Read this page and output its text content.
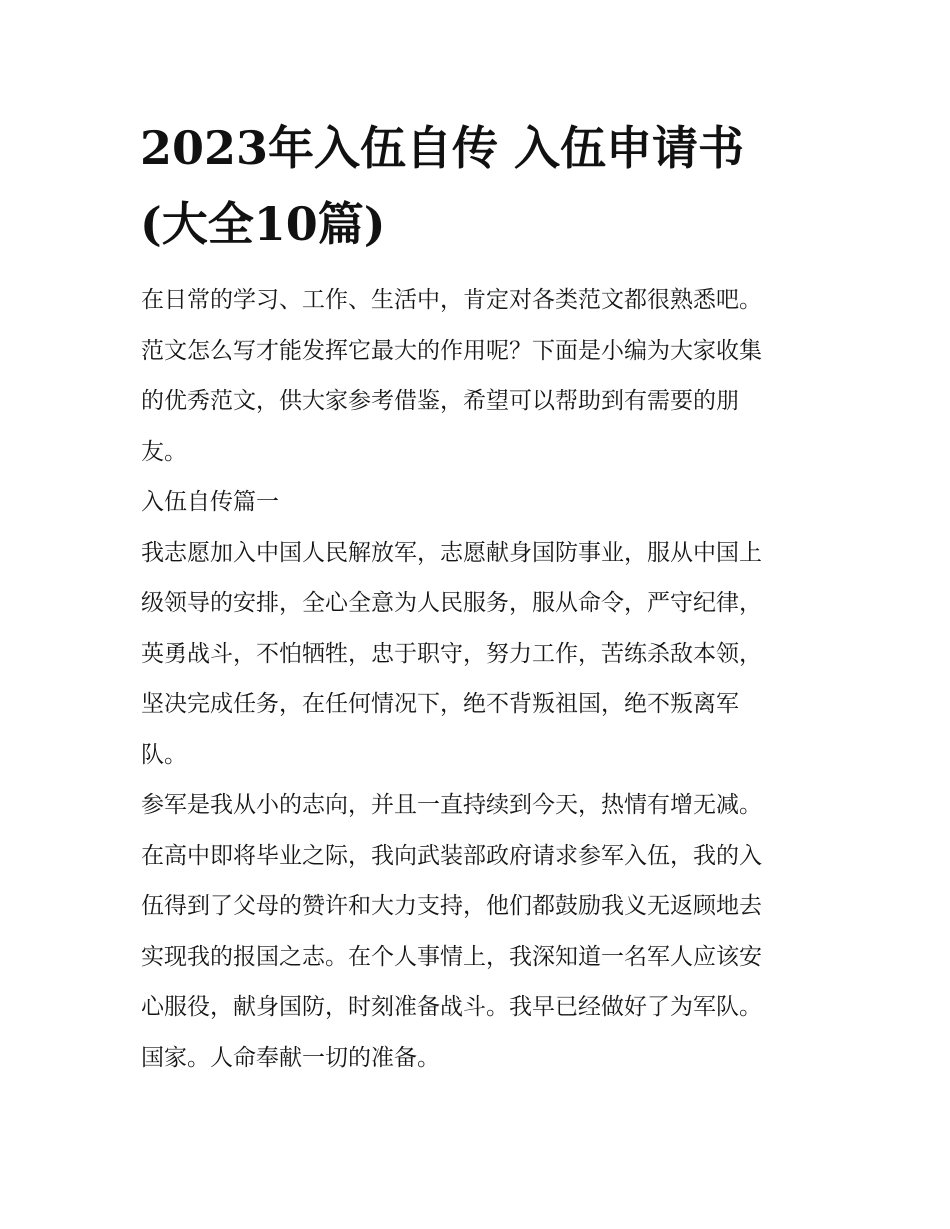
2023年入伍自传 入伍申请书
(大全10篇)
在日常的学习、工作、生活中，肯定对各类范文都很熟悉吧。
范文怎么写才能发挥它最大的作用呢？下面是小编为大家收集
的优秀范文，供大家参考借鉴，希望可以帮助到有需要的朋
友。
入伍自传篇一
我志愿加入中国人民解放军，志愿献身国防事业，服从中国上
级领导的安排，全心全意为人民服务，服从命令，严守纪律，
英勇战斗，不怕牺牲，忠于职守，努力工作，苦练杀敌本领，
坚决完成任务，在任何情况下，绝不背叛祖国，绝不叛离军
队。
参军是我从小的志向，并且一直持续到今天，热情有增无减。
在高中即将毕业之际，我向武装部政府请求参军入伍，我的入
伍得到了父母的赞许和大力支持，他们都鼓励我义无返顾地去
实现我的报国之志。在个人事情上，我深知道一名军人应该安
心服役，献身国防，时刻准备战斗。我早已经做好了为军队。
国家。人命奉献一切的准备。
